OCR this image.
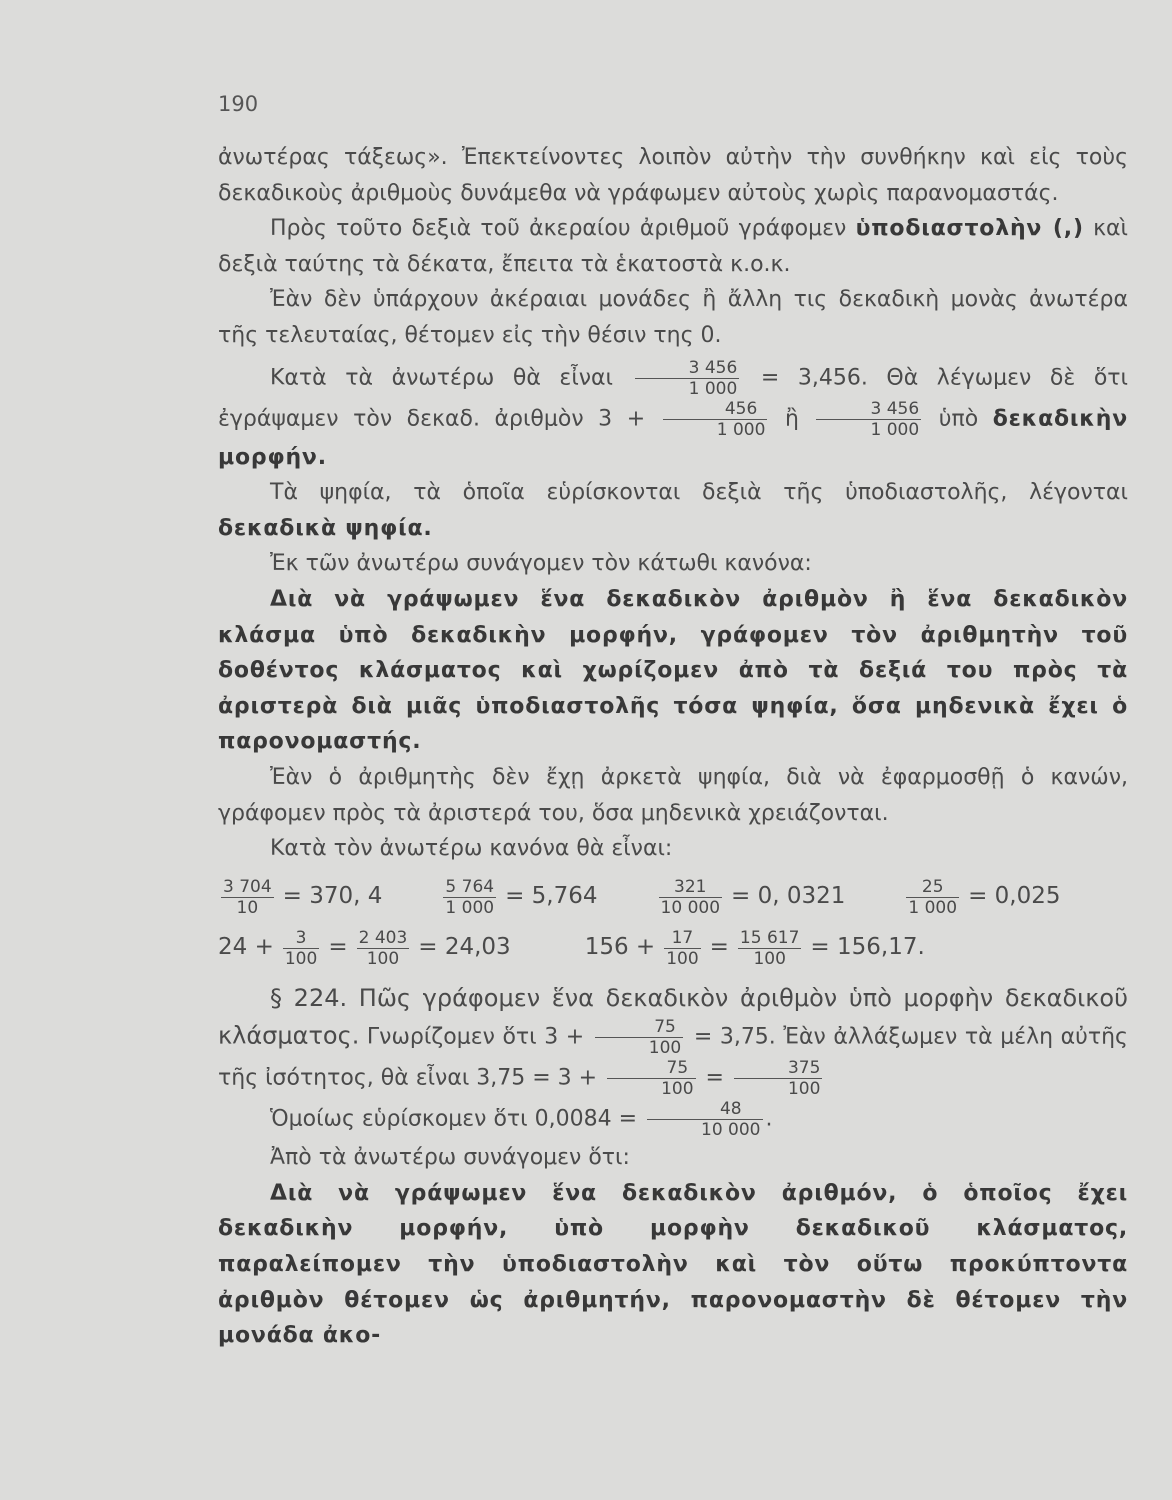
190

ἀνωτέρας τάξεως». Ἐπεκτείνοντες λοιπὸν αὐτὴν τὴν συνθήκην καὶ εἰς τοὺς δεκαδικοὺς ἀριθμοὺς δυνάμεθα νὰ γράφωμεν αὐτοὺς χωρὶς παρανομαστάς.

Πρὸς τοῦτο δεξιὰ τοῦ ἀκεραίου ἀριθμοῦ γράφομεν ὑποδιαστολὴν (,) καὶ δεξιὰ ταύτης τὰ δέκατα, ἔπειτα τὰ ἑκατοστὰ κ.ο.κ.

Ἐὰν δὲν ὑπάρχουν ἀκέραιαι μονάδες ἢ ἄλλη τις δεκαδικὴ μονὰς ἀνωτέρα τῆς τελευταίας, θέτομεν εἰς τὴν θέσιν της 0.

Κατὰ τὰ ἀνωτέρω θὰ εἶναι $\frac{3 456}{1 000} = 3,456$. Θὰ λέγωμεν δὲ ὅτι ἐγράψαμεν τὸν δεκαδ. ἀριθμὸν $3 + \frac{456}{1 000}$ ἢ $\frac{3 456}{1 000}$ ὑπὸ δεκαδικὴν μορφήν.

Τὰ ψηφία, τὰ ὁποῖα εὑρίσκονται δεξιὰ τῆς ὑποδιαστολῆς, λέγονται δεκαδικὰ ψηφία.

Ἐκ τῶν ἀνωτέρω συνάγομεν τὸν κάτωθι κανόνα:

Διὰ νὰ γράψωμεν ἕνα δεκαδικὸν ἀριθμὸν ἢ ἕνα δεκαδικὸν κλάσμα ὑπὸ δεκαδικὴν μορφήν, γράφομεν τὸν ἀριθμητὴν τοῦ δοθέντος κλάσματος καὶ χωρίζομεν ἀπὸ τὰ δεξιά του πρὸς τὰ ἀριστερὰ διὰ μιᾶς ὑποδιαστολῆς τόσα ψηφία, ὅσα μηδενικὰ ἔχει ὁ παρονομαστής.

Ἐὰν ὁ ἀριθμητὴς δὲν ἔχῃ ἀρκετὰ ψηφία, διὰ νὰ ἐφαρμοσθῇ ὁ κανών, γράφομεν πρὸς τὰ ἀριστερά του, ὅσα μηδενικὰ χρειάζονται.

Κατὰ τὸν ἀνωτέρω κανόνα θὰ εἶναι:

$\frac{3 704}{10} = 370$, 4	$\frac{5 764}{1 000} = 5,764$	$\frac{321}{10 000} = 0$, 0321	$\frac{25}{1 000} = 0,025$
$24 + \frac{3}{100} = \frac{2 403}{100} = 24,03$	$156 + \frac{17}{100} = \frac{15 617}{100} = 156,17$.

§ 224. Πῶς γράφομεν ἕνα δεκαδικὸν ἀριθμὸν ὑπὸ μορφὴν δεκαδικοῦ κλάσματος. Γνωρίζομεν ὅτι $3 + \frac{75}{100} = 3,75$. Ἐὰν ἀλλάξωμεν τὰ μέλη αὐτῆς τῆς ἰσότητος, θὰ εἶναι $3,75 = 3 + \frac{75}{100} = \frac{375}{100}$

Ὁμοίως εὑρίσκομεν ὅτι $0,0084 = \frac{48}{10 000}$ .

Ἀπὸ τὰ ἀνωτέρω συνάγομεν ὅτι:

Διὰ νὰ γράψωμεν ἕνα δεκαδικὸν ἀριθμόν, ὁ ὁποῖος ἔχει δεκαδικὴν μορφήν, ὑπὸ μορφὴν δεκαδικοῦ κλάσματος, παραλείπομεν τὴν ὑποδιαστολὴν καὶ τὸν οὕτω προκύπτοντα ἀριθμὸν θέτομεν ὡς ἀριθμητήν, παρονομαστὴν δὲ θέτομεν τὴν μονάδα ἀκο-
